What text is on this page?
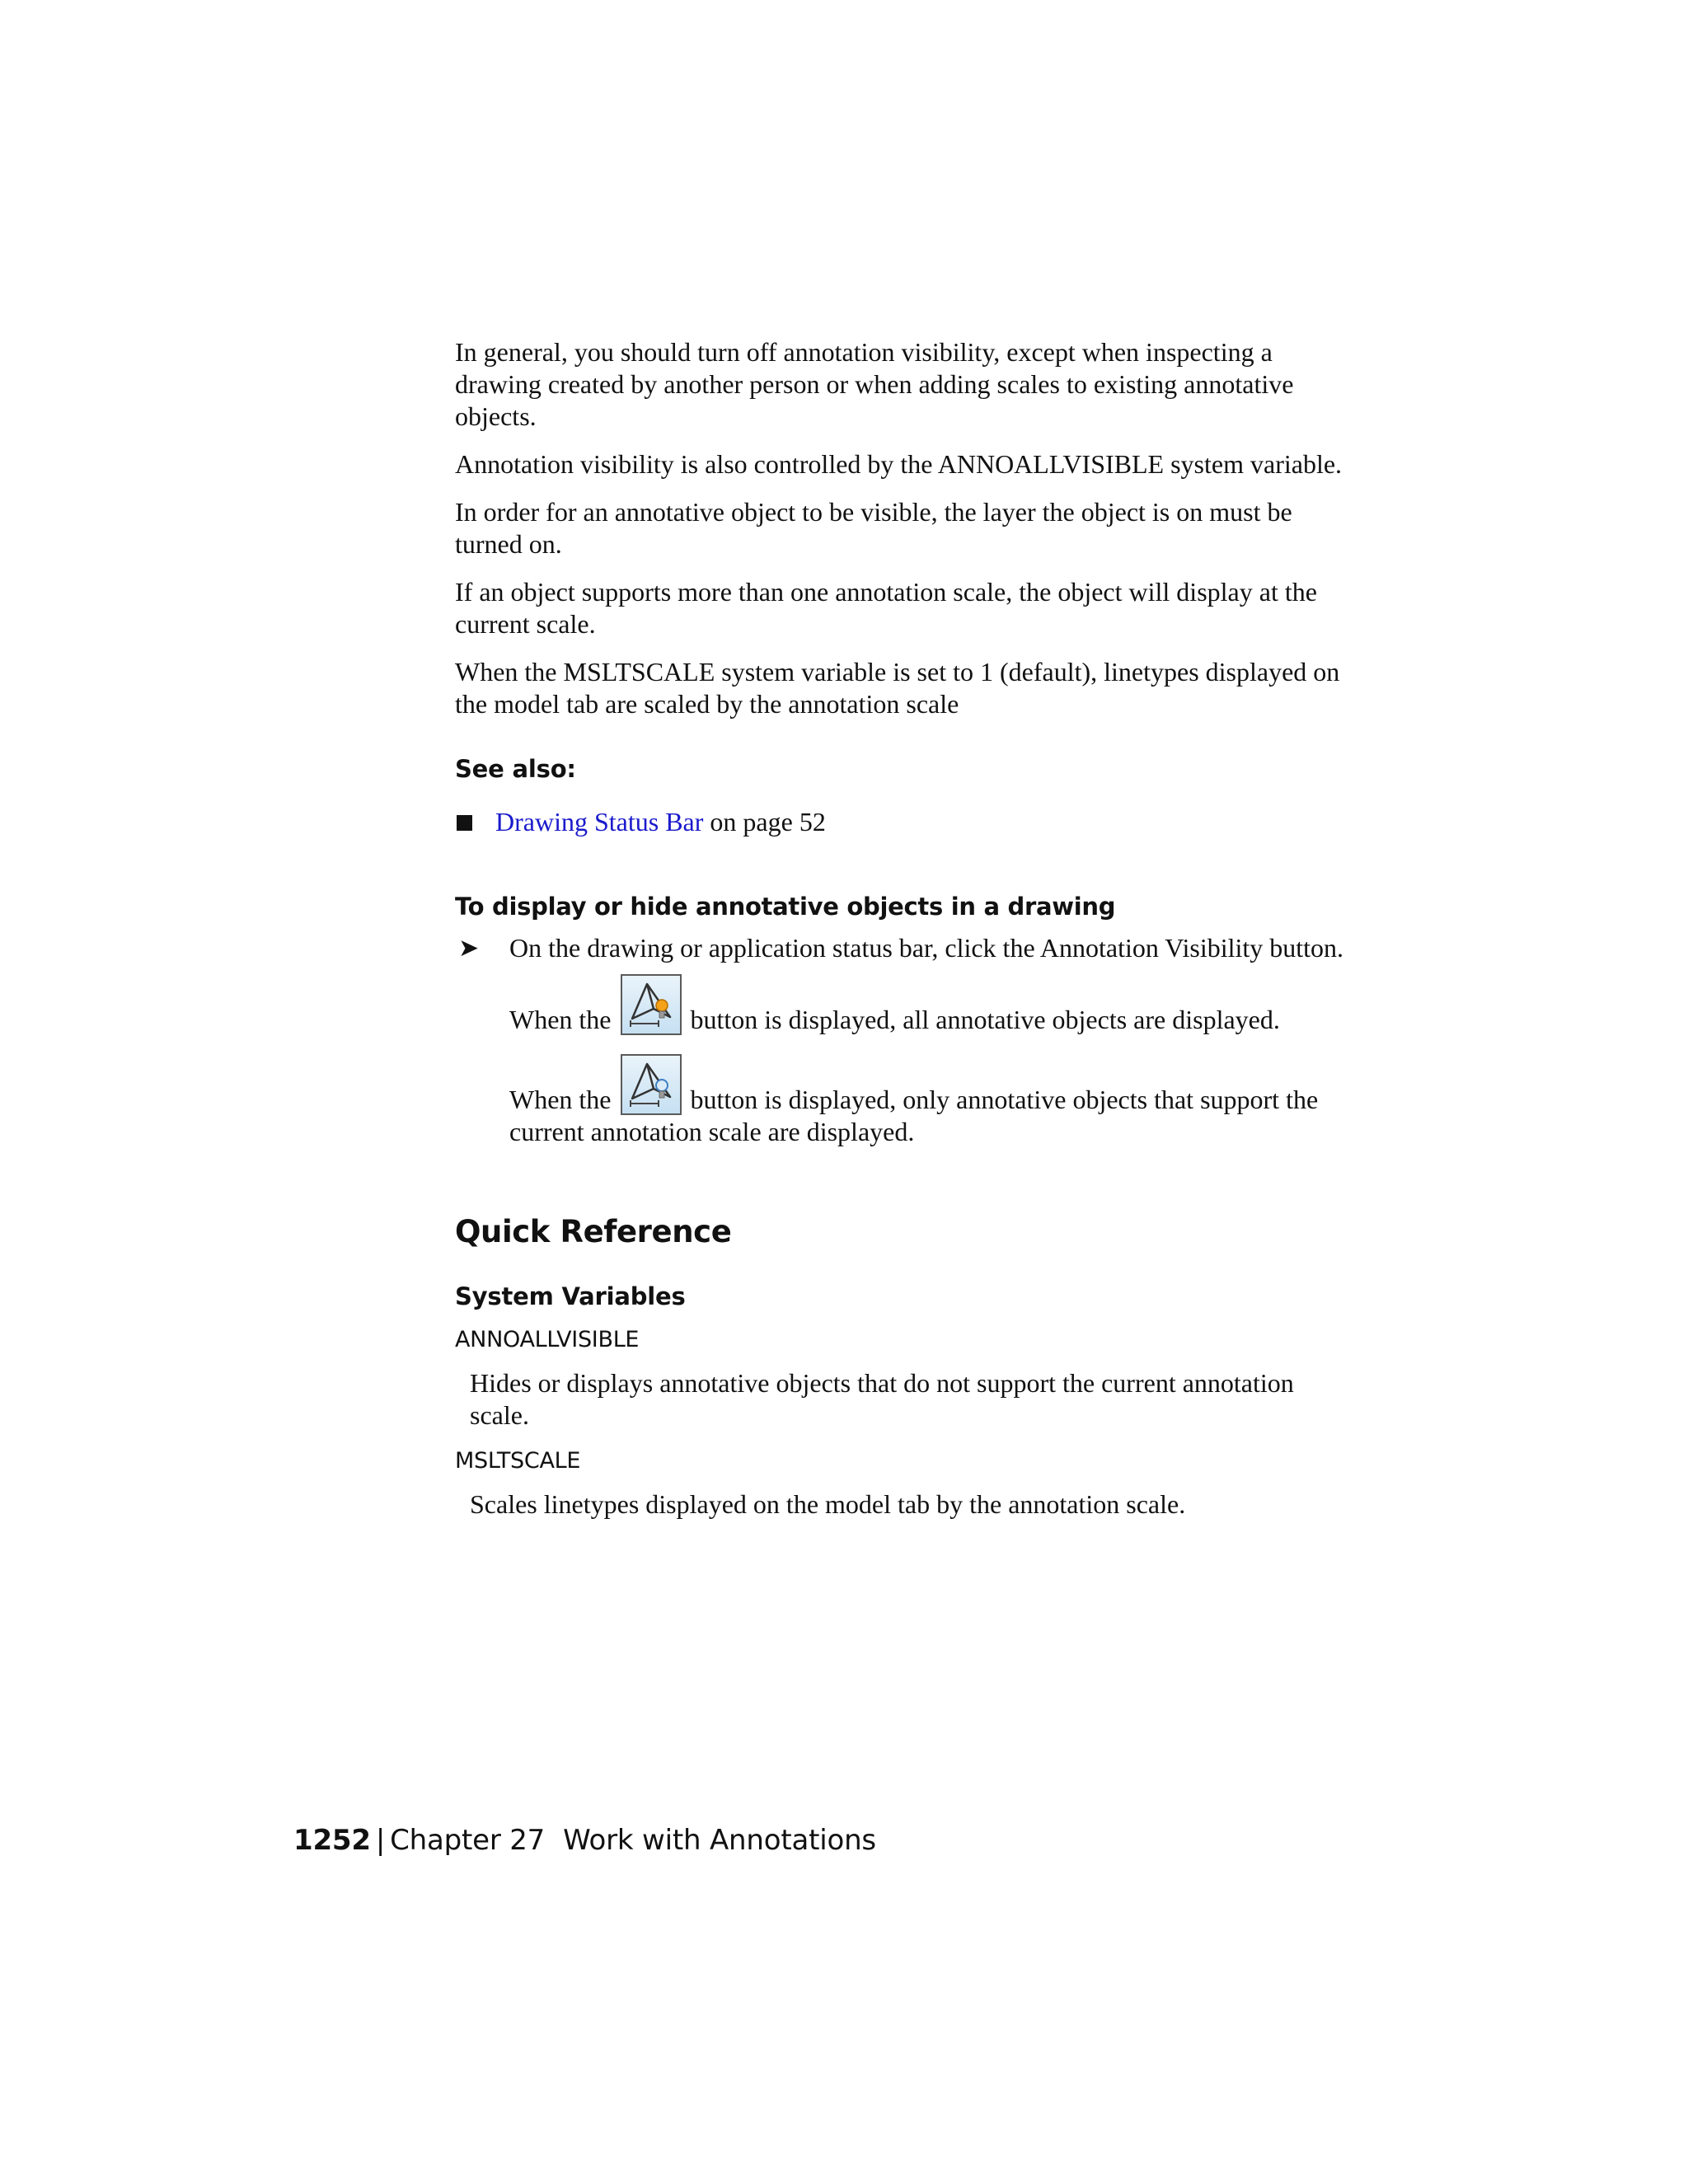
In general, you should turn off annotation visibility, except when inspecting a drawing created by another person or when adding scales to existing annotative objects.

Annotation visibility is also controlled by the ANNOALLVISIBLE system variable.

In order for an annotative object to be visible, the layer the object is on must be turned on.

If an object supports more than one annotation scale, the object will display at the current scale.

When the MSLTSCALE system variable is set to 1 (default), linetypes displayed on the model tab are scaled by the annotation scale

See also:
Drawing Status Bar on page 52
To display or hide annotative objects in a drawing
➤	On the drawing or application status bar, click the Annotation Visibility button.
When the	button is displayed, all annotative objects are displayed.
When the	button is displayed, only annotative objects that support the current annotation scale are displayed.
Quick Reference
System Variables
ANNOALLVISIBLE
Hides or displays annotative objects that do not support the current annotation scale.
MSLTSCALE
Scales linetypes displayed on the model tab by the annotation scale.
1252 | Chapter 27 Work with Annotations
